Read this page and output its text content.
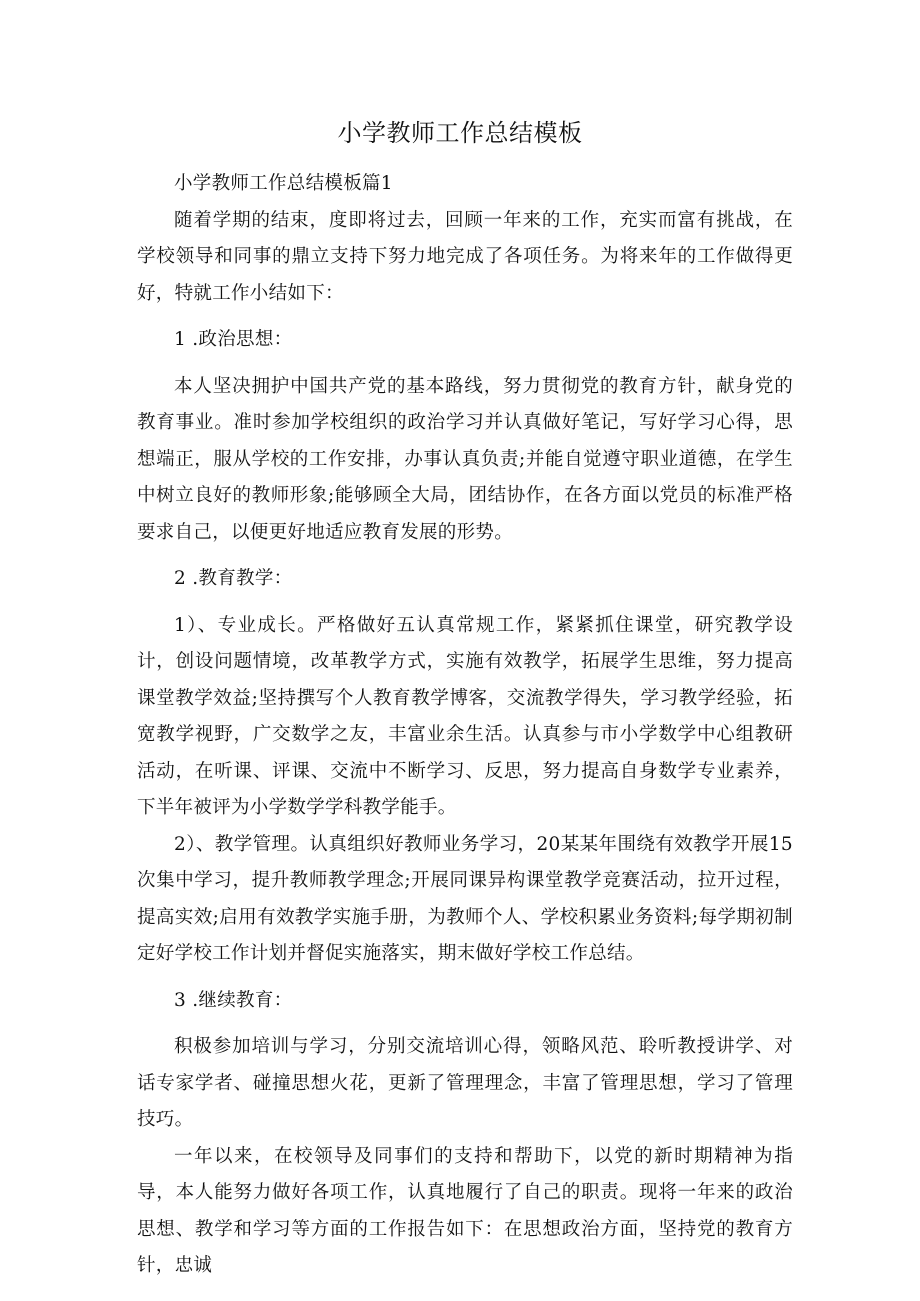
小学教师工作总结模板

小学教师工作总结模板篇1

随着学期的结束，度即将过去，回顾一年来的工作，充实而富有挑战，在学校领导和同事的鼎立支持下努力地完成了各项任务。为将来年的工作做得更好，特就工作小结如下：

1 .政治思想：

本人坚决拥护中国共产党的基本路线，努力贯彻党的教育方针，献身党的教育事业。准时参加学校组织的政治学习并认真做好笔记，写好学习心得，思想端正，服从学校的工作安排，办事认真负责;并能自觉遵守职业道德，在学生中树立良好的教师形象;能够顾全大局，团结协作，在各方面以党员的标准严格要求自己，以便更好地适应教育发展的形势。

2 .教育教学：

1）、专业成长。严格做好五认真常规工作，紧紧抓住课堂，研究教学设计，创设问题情境，改革教学方式，实施有效教学，拓展学生思维，努力提高课堂教学效益;坚持撰写个人教育教学博客，交流教学得失，学习教学经验，拓宽教学视野，广交数学之友，丰富业余生活。认真参与市小学数学中心组教研活动，在听课、评课、交流中不断学习、反思，努力提高自身数学专业素养，下半年被评为小学数学学科教学能手。

2）、教学管理。认真组织好教师业务学习，20某某年围绕有效教学开展15次集中学习，提升教师教学理念;开展同课异构课堂教学竞赛活动，拉开过程，提高实效;启用有效教学实施手册，为教师个人、学校积累业务资料;每学期初制定好学校工作计划并督促实施落实，期末做好学校工作总结。

3 .继续教育：

积极参加培训与学习，分别交流培训心得，领略风范、聆听教授讲学、对话专家学者、碰撞思想火花，更新了管理理念，丰富了管理思想，学习了管理技巧。

一年以来，在校领导及同事们的支持和帮助下，以党的新时期精神为指导，本人能努力做好各项工作，认真地履行了自己的职责。现将一年来的政治思想、教学和学习等方面的工作报告如下：在思想政治方面，坚持党的教育方针，忠诚
